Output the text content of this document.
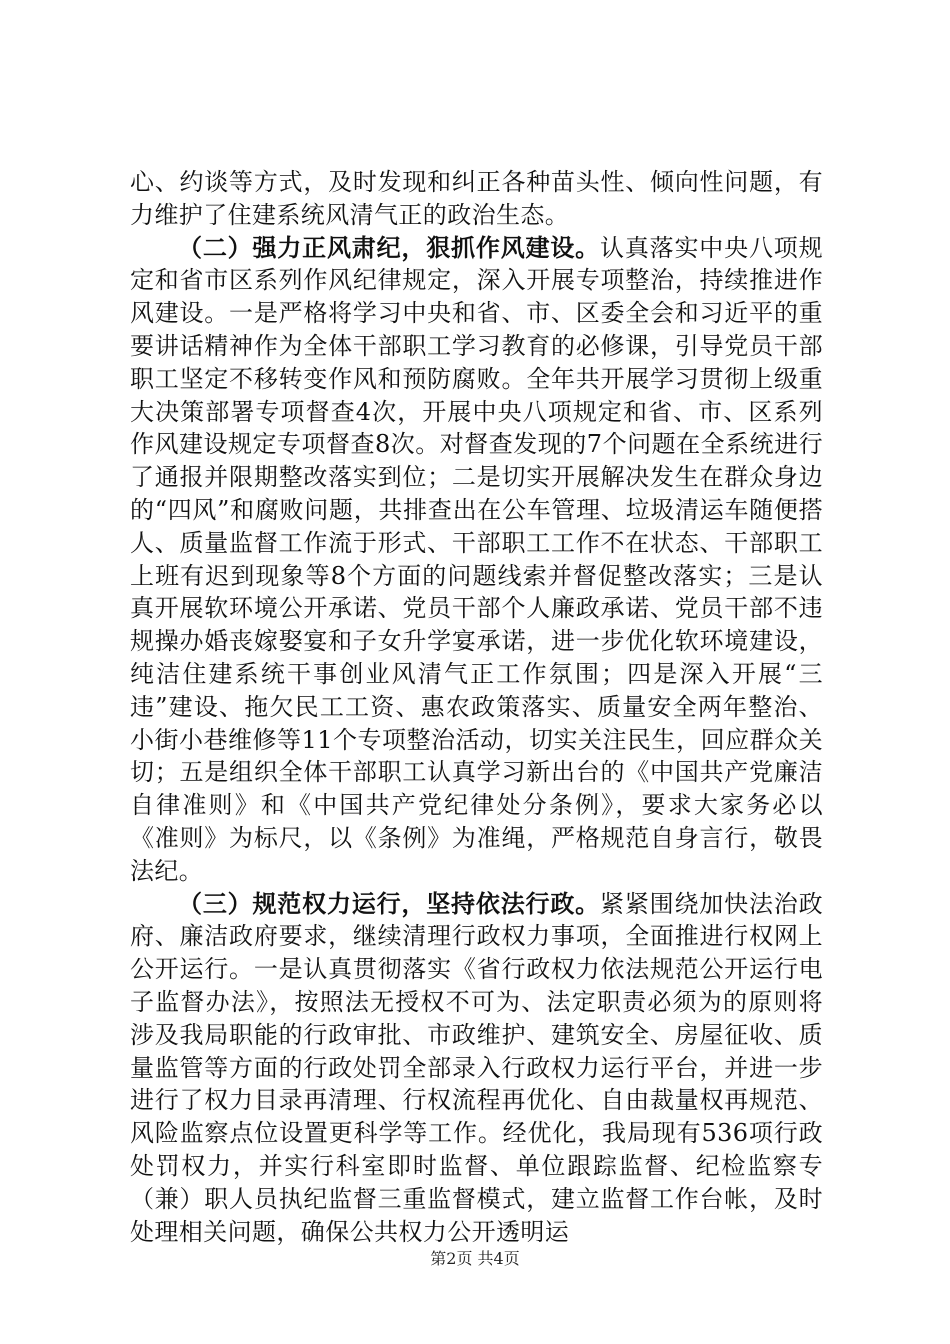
心、约谈等方式，及时发现和纠正各种苗头性、倾向性问题，有力维护了住建系统风清气正的政治生态。

（二）强力正风肃纪，狠抓作风建设。认真落实中央八项规定和省市区系列作风纪律规定，深入开展专项整治，持续推进作风建设。一是严格将学习中央和省、市、区委全会和习近平的重要讲话精神作为全体干部职工学习教育的必修课，引导党员干部职工坚定不移转变作风和预防腐败。全年共开展学习贯彻上级重大决策部署专项督查4次，开展中央八项规定和省、市、区系列作风建设规定专项督查8次。对督查发现的7个问题在全系统进行了通报并限期整改落实到位；二是切实开展解决发生在群众身边的“四风”和腐败问题，共排查出在公车管理、垃圾清运车随便搭人、质量监督工作流于形式、干部职工工作不在状态、干部职工上班有迟到现象等8个方面的问题线索并督促整改落实；三是认真开展软环境公开承诺、党员干部个人廉政承诺、党员干部不违规操办婚丧嫁娶宴和子女升学宴承诺，进一步优化软环境建设，纯洁住建系统干事创业风清气正工作氛围；四是深入开展“三违”建设、拖欠民工工资、惠农政策落实、质量安全两年整治、小街小巷维修等11个专项整治活动，切实关注民生，回应群众关切；五是组织全体干部职工认真学习新出台的《中国共产党廉洁自律准则》和《中国共产党纪律处分条例》，要求大家务必以《准则》为标尺，以《条例》为准绳，严格规范自身言行，敬畏法纪。

（三）规范权力运行，坚持依法行政。紧紧围绕加快法治政府、廉洁政府要求，继续清理行政权力事项，全面推进行权网上公开运行。一是认真贯彻落实《省行政权力依法规范公开运行电子监督办法》，按照法无授权不可为、法定职责必须为的原则将涉及我局职能的行政审批、市政维护、建筑安全、房屋征收、质量监管等方面的行政处罚全部录入行政权力运行平台，并进一步进行了权力目录再清理、行权流程再优化、自由裁量权再规范、风险监察点位设置更科学等工作。经优化，我局现有536项行政处罚权力，并实行科室即时监督、单位跟踪监督、纪检监察专（兼）职人员执纪监督三重监督模式，建立监督工作台帐，及时处理相关问题，确保公共权力公开透明运

第2页 共4页
